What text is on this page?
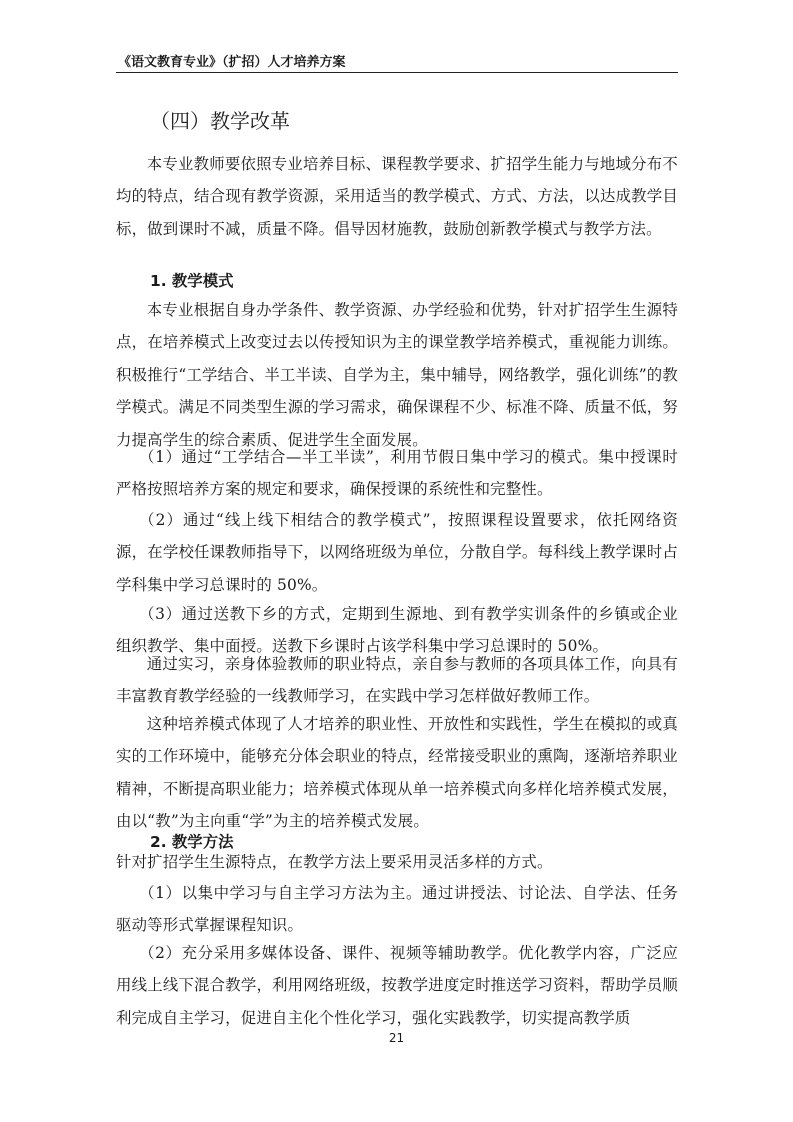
《语文教育专业》（扩招）人才培养方案
（四）教学改革
本专业教师要依照专业培养目标、课程教学要求、扩招学生能力与地域分布不均的特点，结合现有教学资源，采用适当的教学模式、方式、方法，以达成教学目标，做到课时不减，质量不降。倡导因材施教，鼓励创新教学模式与教学方法。
1. 教学模式
本专业根据自身办学条件、教学资源、办学经验和优势，针对扩招学生生源特点，在培养模式上改变过去以传授知识为主的课堂教学培养模式，重视能力训练。积极推行“工学结合、半工半读、自学为主，集中辅导，网络教学，强化训练”的教学模式。满足不同类型生源的学习需求，确保课程不少、标准不降、质量不低，努力提高学生的综合素质、促进学生全面发展。
（1）通过“工学结合—半工半读”，利用节假日集中学习的模式。集中授课时严格按照培养方案的规定和要求，确保授课的系统性和完整性。
（2）通过“线上线下相结合的教学模式”，按照课程设置要求，依托网络资源，在学校任课教师指导下，以网络班级为单位，分散自学。每科线上教学课时占学科集中学习总课时的 50%。
（3）通过送教下乡的方式，定期到生源地、到有教学实训条件的乡镇或企业组织教学、集中面授。送教下乡课时占该学科集中学习总课时的 50%。
通过实习，亲身体验教师的职业特点，亲自参与教师的各项具体工作，向具有丰富教育教学经验的一线教师学习，在实践中学习怎样做好教师工作。
这种培养模式体现了人才培养的职业性、开放性和实践性，学生在模拟的或真实的工作环境中，能够充分体会职业的特点，经常接受职业的熏陶，逐渐培养职业精神，不断提高职业能力；培养模式体现从单一培养模式向多样化培养模式发展，由以“教”为主向重“学”为主的培养模式发展。
2. 教学方法
针对扩招学生生源特点，在教学方法上要采用灵活多样的方式。
（1）以集中学习与自主学习方法为主。通过讲授法、讨论法、自学法、任务驱动等形式掌握课程知识。
（2）充分采用多媒体设备、课件、视频等辅助教学。优化教学内容，广泛应用线上线下混合教学，利用网络班级，按教学进度定时推送学习资料，帮助学员顺利完成自主学习，促进自主化个性化学习，强化实践教学，切实提高教学质
21
